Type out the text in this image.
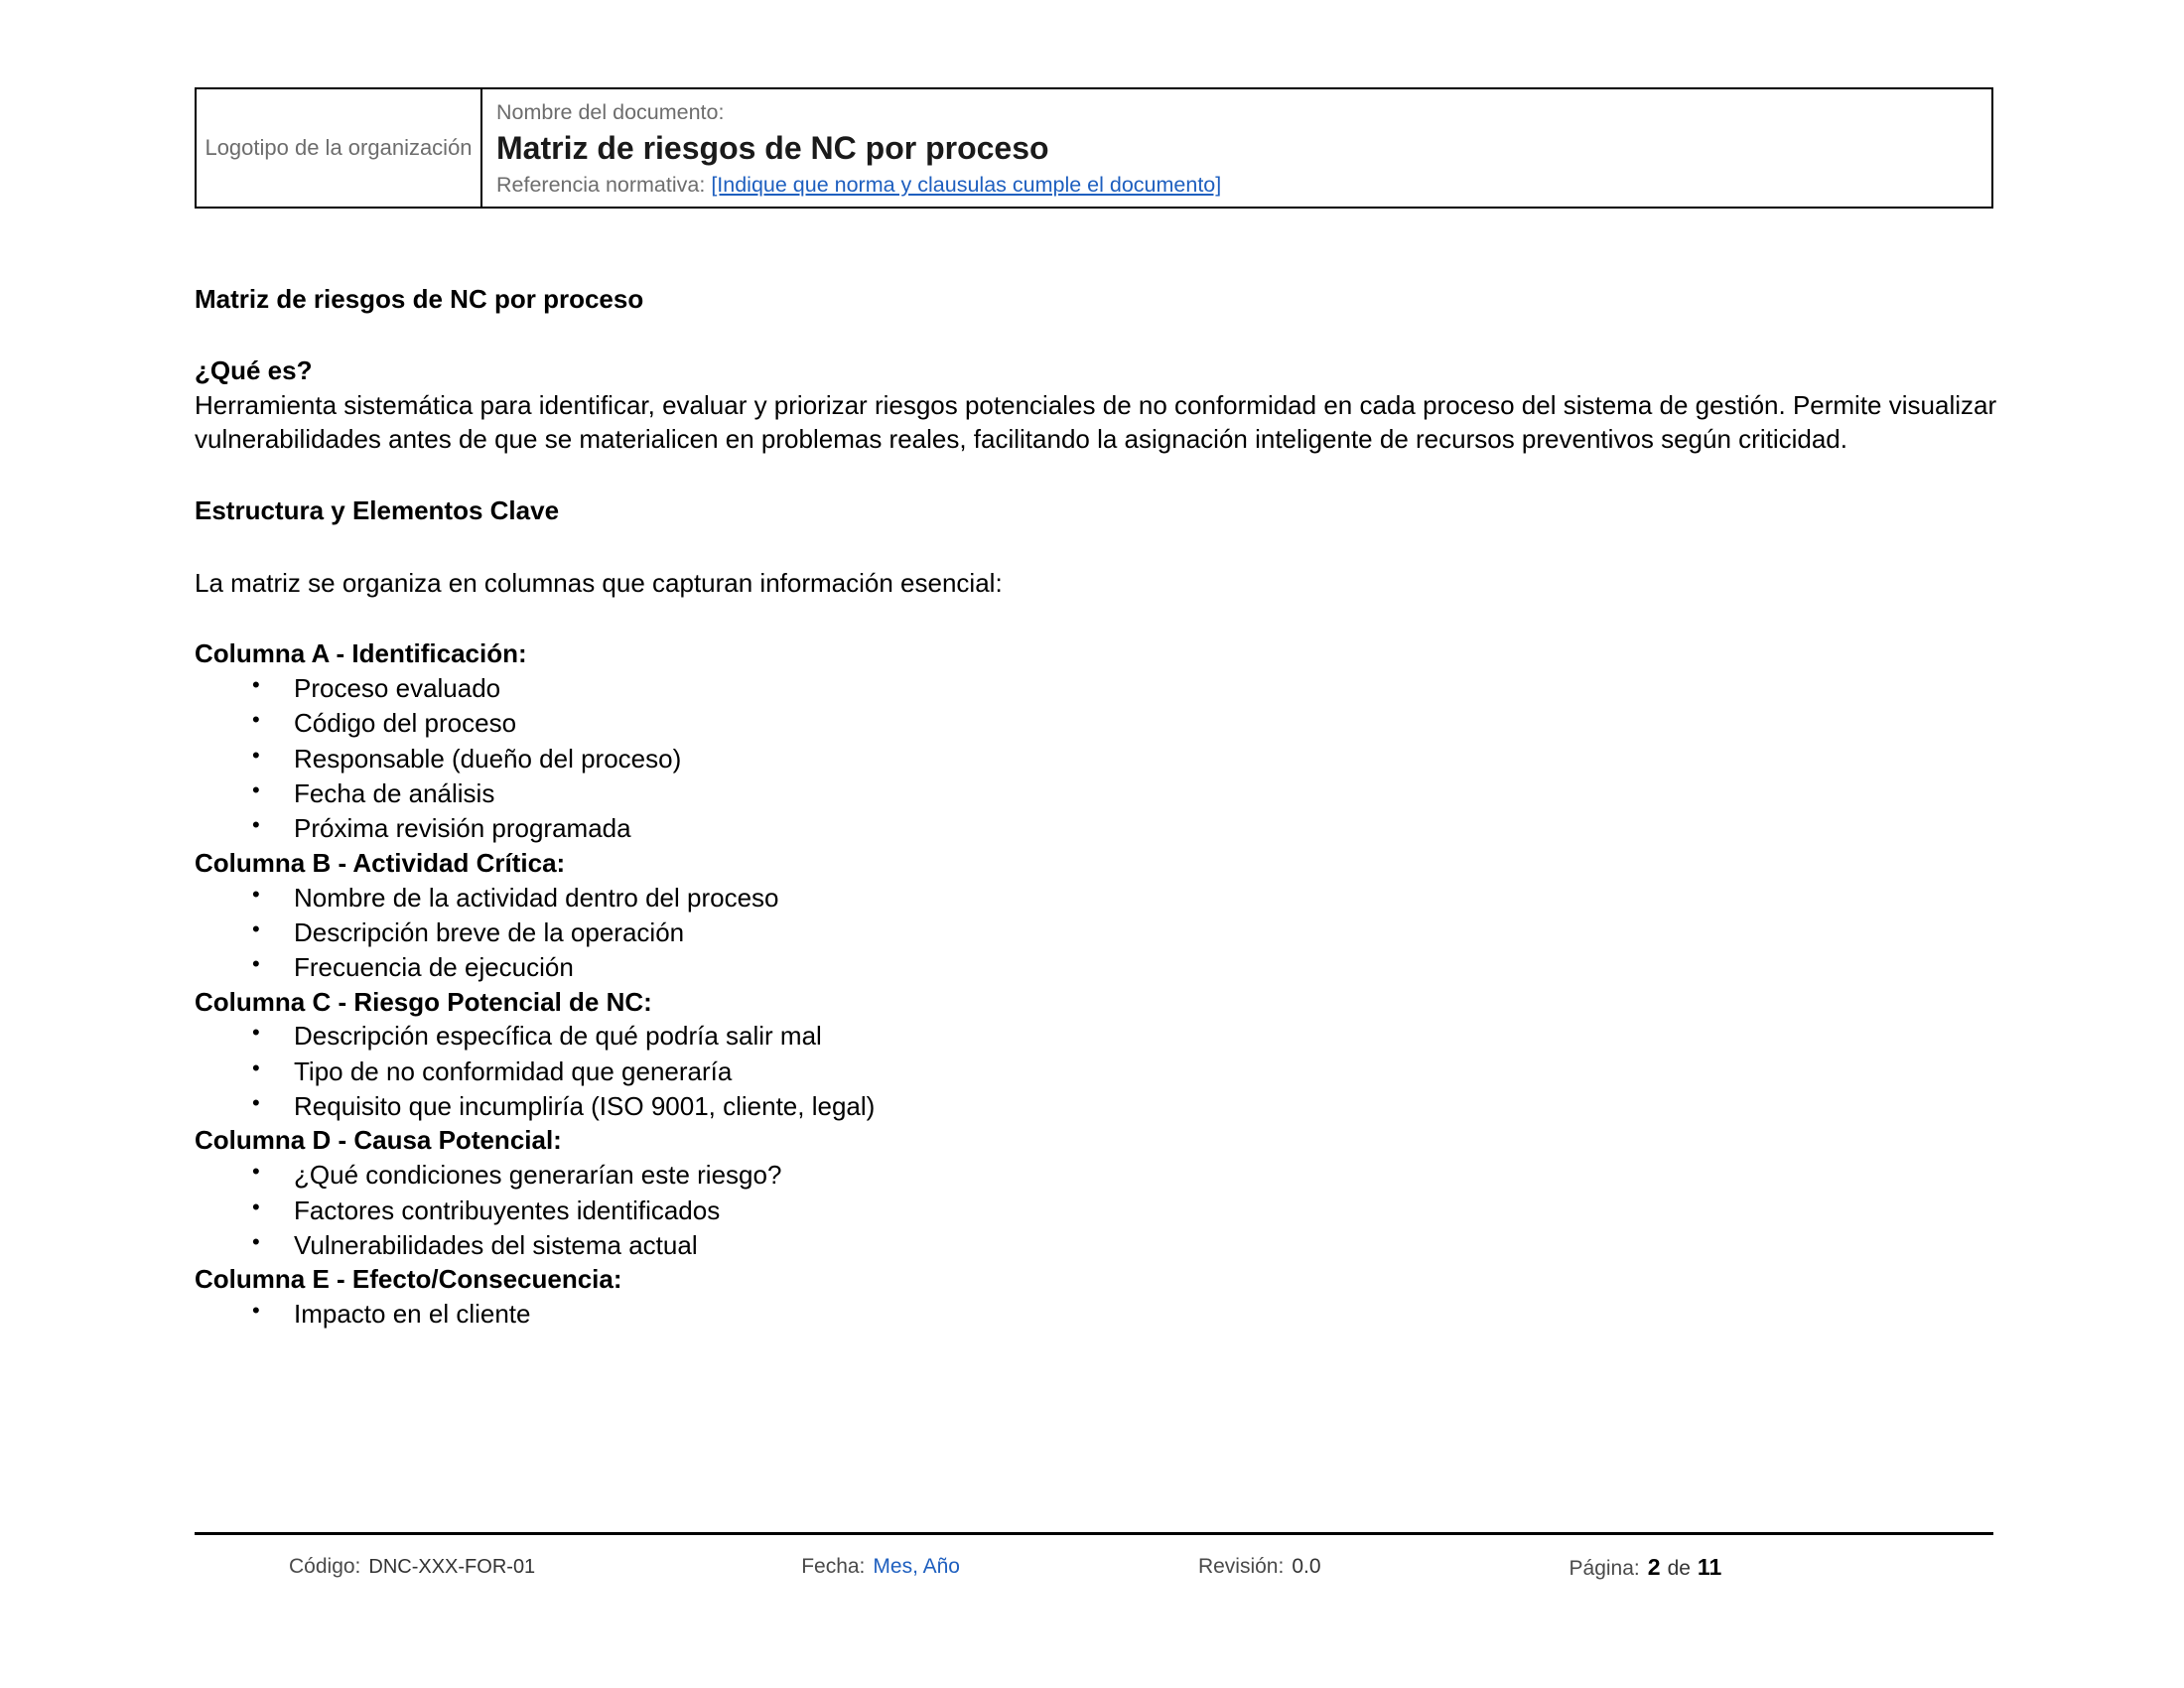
Logotipo de la organización
Nombre del documento:
Matriz de riesgos de NC por proceso
Referencia normativa: [Indique que norma y clausulas cumple el documento]
Matriz de riesgos de NC por proceso
¿Qué es?
Herramienta sistemática para identificar, evaluar y priorizar riesgos potenciales de no conformidad en cada proceso del sistema de gestión. Permite visualizar vulnerabilidades antes de que se materialicen en problemas reales, facilitando la asignación inteligente de recursos preventivos según criticidad.
Estructura y Elementos Clave
La matriz se organiza en columnas que capturan información esencial:
Columna A - Identificación:
• Proceso evaluado
• Código del proceso
• Responsable (dueño del proceso)
• Fecha de análisis
• Próxima revisión programada
Columna B - Actividad Crítica:
• Nombre de la actividad dentro del proceso
• Descripción breve de la operación
• Frecuencia de ejecución
Columna C - Riesgo Potencial de NC:
• Descripción específica de qué podría salir mal
• Tipo de no conformidad que generaría
• Requisito que incumpliría (ISO 9001, cliente, legal)
Columna D - Causa Potencial:
• ¿Qué condiciones generarían este riesgo?
• Factores contribuyentes identificados
• Vulnerabilidades del sistema actual
Columna E - Efecto/Consecuencia:
• Impacto en el cliente
Código: DNC-XXX-FOR-01	Fecha: Mes, Año	Revisión: 0.0	Página: 2 de 11
